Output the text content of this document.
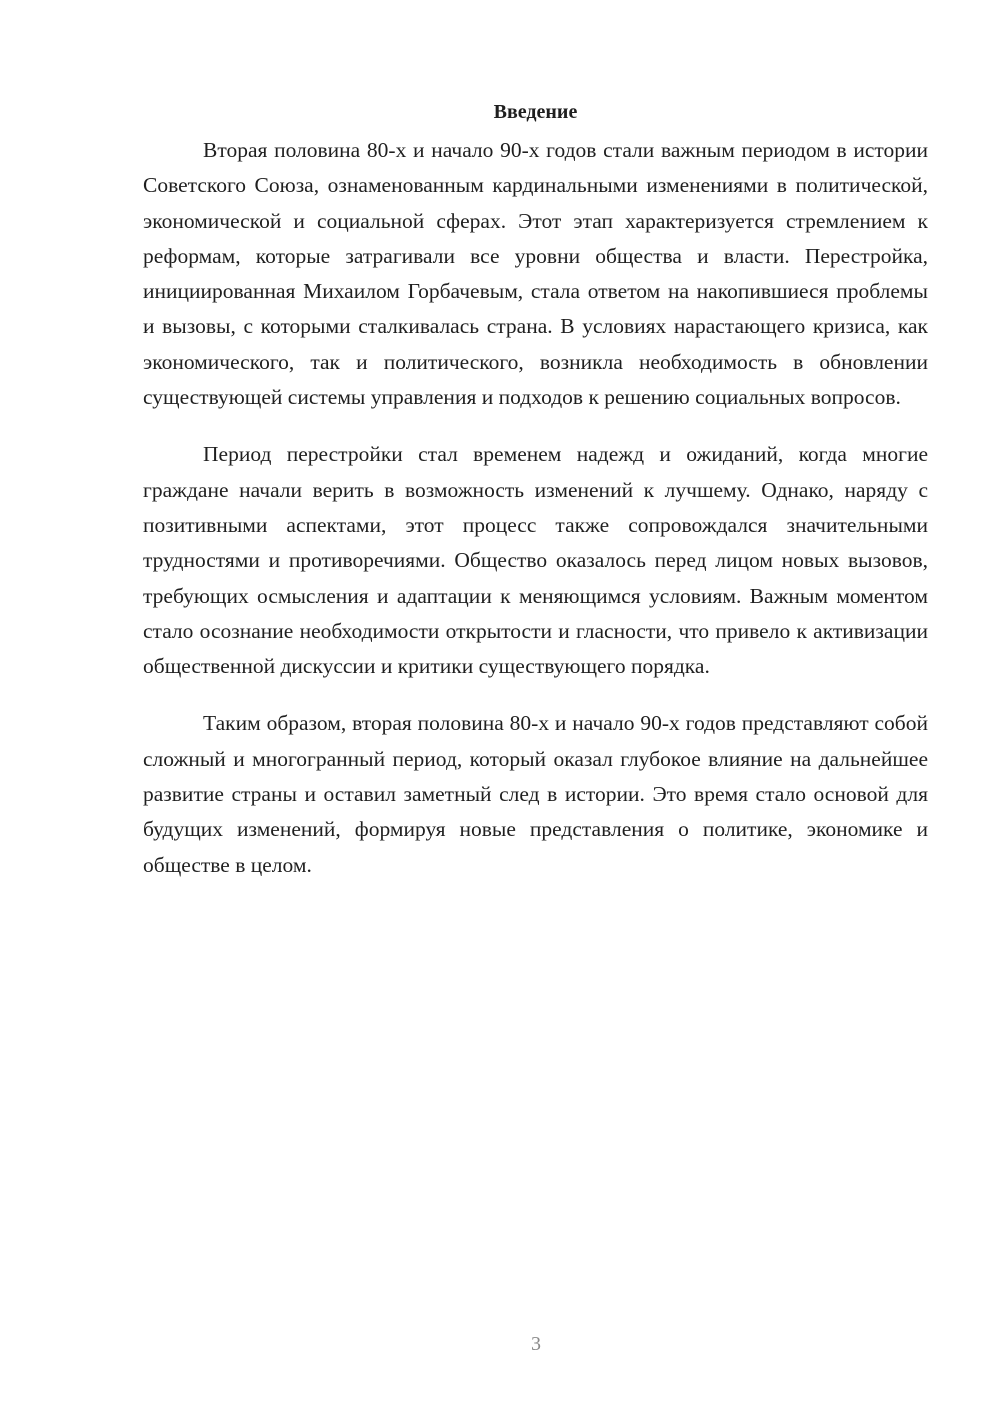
Введение

Вторая половина 80-х и начало 90-х годов стали важным периодом в истории Советского Союза, ознаменованным кардинальными изменениями в политической, экономической и социальной сферах. Этот этап характеризуется стремлением к реформам, которые затрагивали все уровни общества и власти. Перестройка, инициированная Михаилом Горбачевым, стала ответом на накопившиеся проблемы и вызовы, с которыми сталкивалась страна. В условиях нарастающего кризиса, как экономического, так и политического, возникла необходимость в обновлении существующей системы управления и подходов к решению социальных вопросов.

Период перестройки стал временем надежд и ожиданий, когда многие граждане начали верить в возможность изменений к лучшему. Однако, наряду с позитивными аспектами, этот процесс также сопровождался значительными трудностями и противоречиями. Общество оказалось перед лицом новых вызовов, требующих осмысления и адаптации к меняющимся условиям. Важным моментом стало осознание необходимости открытости и гласности, что привело к активизации общественной дискуссии и критики существующего порядка.

Таким образом, вторая половина 80-х и начало 90-х годов представляют собой сложный и многогранный период, который оказал глубокое влияние на дальнейшее развитие страны и оставил заметный след в истории. Это время стало основой для будущих изменений, формируя новые представления о политике, экономике и обществе в целом.

3
